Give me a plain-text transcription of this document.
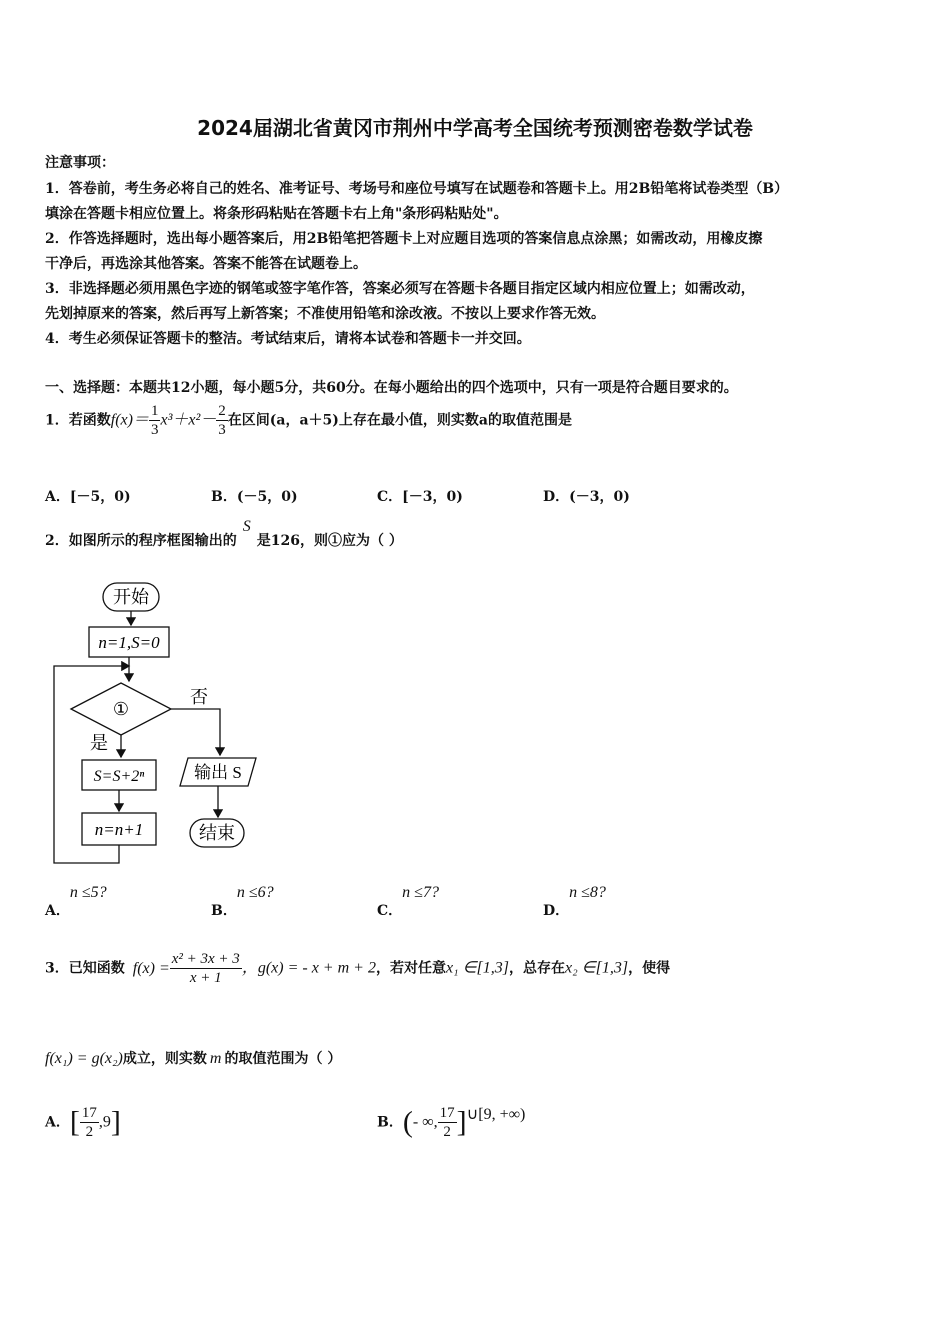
2024届湖北省黄冈市荆州中学高考全国统考预测密卷数学试卷
注意事项：
1．答卷前，考生务必将自己的姓名、准考证号、考场号和座位号填写在试题卷和答题卡上。用2B铅笔将试卷类型（B）
填涂在答题卡相应位置上。将条形码粘贴在答题卡右上角"条形码粘贴处"。
2．作答选择题时，选出每小题答案后，用2B铅笔把答题卡上对应题目选项的答案信息点涂黑；如需改动，用橡皮擦
干净后，再选涂其他答案。答案不能答在试题卷上。
3．非选择题必须用黑色字迹的钢笔或签字笔作答，答案必须写在答题卡各题目指定区域内相应位置上；如需改动，
先划掉原来的答案，然后再写上新答案；不准使用铅笔和涂改液。不按以上要求作答无效。
4．考生必须保证答题卡的整洁。考试结束后，请将本试卷和答题卡一并交回。
一、选择题：本题共12小题，每小题5分，共60分。在每小题给出的四个选项中，只有一项是符合题目要求的。
1．若函数$f(x)= \frac{1}{3} x^3+x^2- \frac{2}{3}$ 在区间(a，a＋5)上存在最小值，则实数a的取值范围是
A．[－5，0)	B．(－5，0)	C．[－3，0)	D．(－3，0)
2．如图所示的程序框图输出的S是126，则①应为（ ）
开始
n=1,S=0
①
否
是
S=S+2ⁿ
n=n+1
输出 S
结束
A．n ≤5?
B．n ≤6?
C．n ≤7?
D．n ≤8?
3．已知函数 $f(x) = \frac{\text{x² + 3x + 3}}{x + 1}$ ，g(x) = - x + m + 2，若对任意x₁ ∈[1,3]，总存在x₂ ∈[1,3]，使得
f(x₁) = g(x₂)成立，则实数 m 的取值范围为（ ）
A．[ $\frac{17}{2} ,9$]	B．(- ∞, $\frac{17}{2}$ ]∪[9, +∞)
